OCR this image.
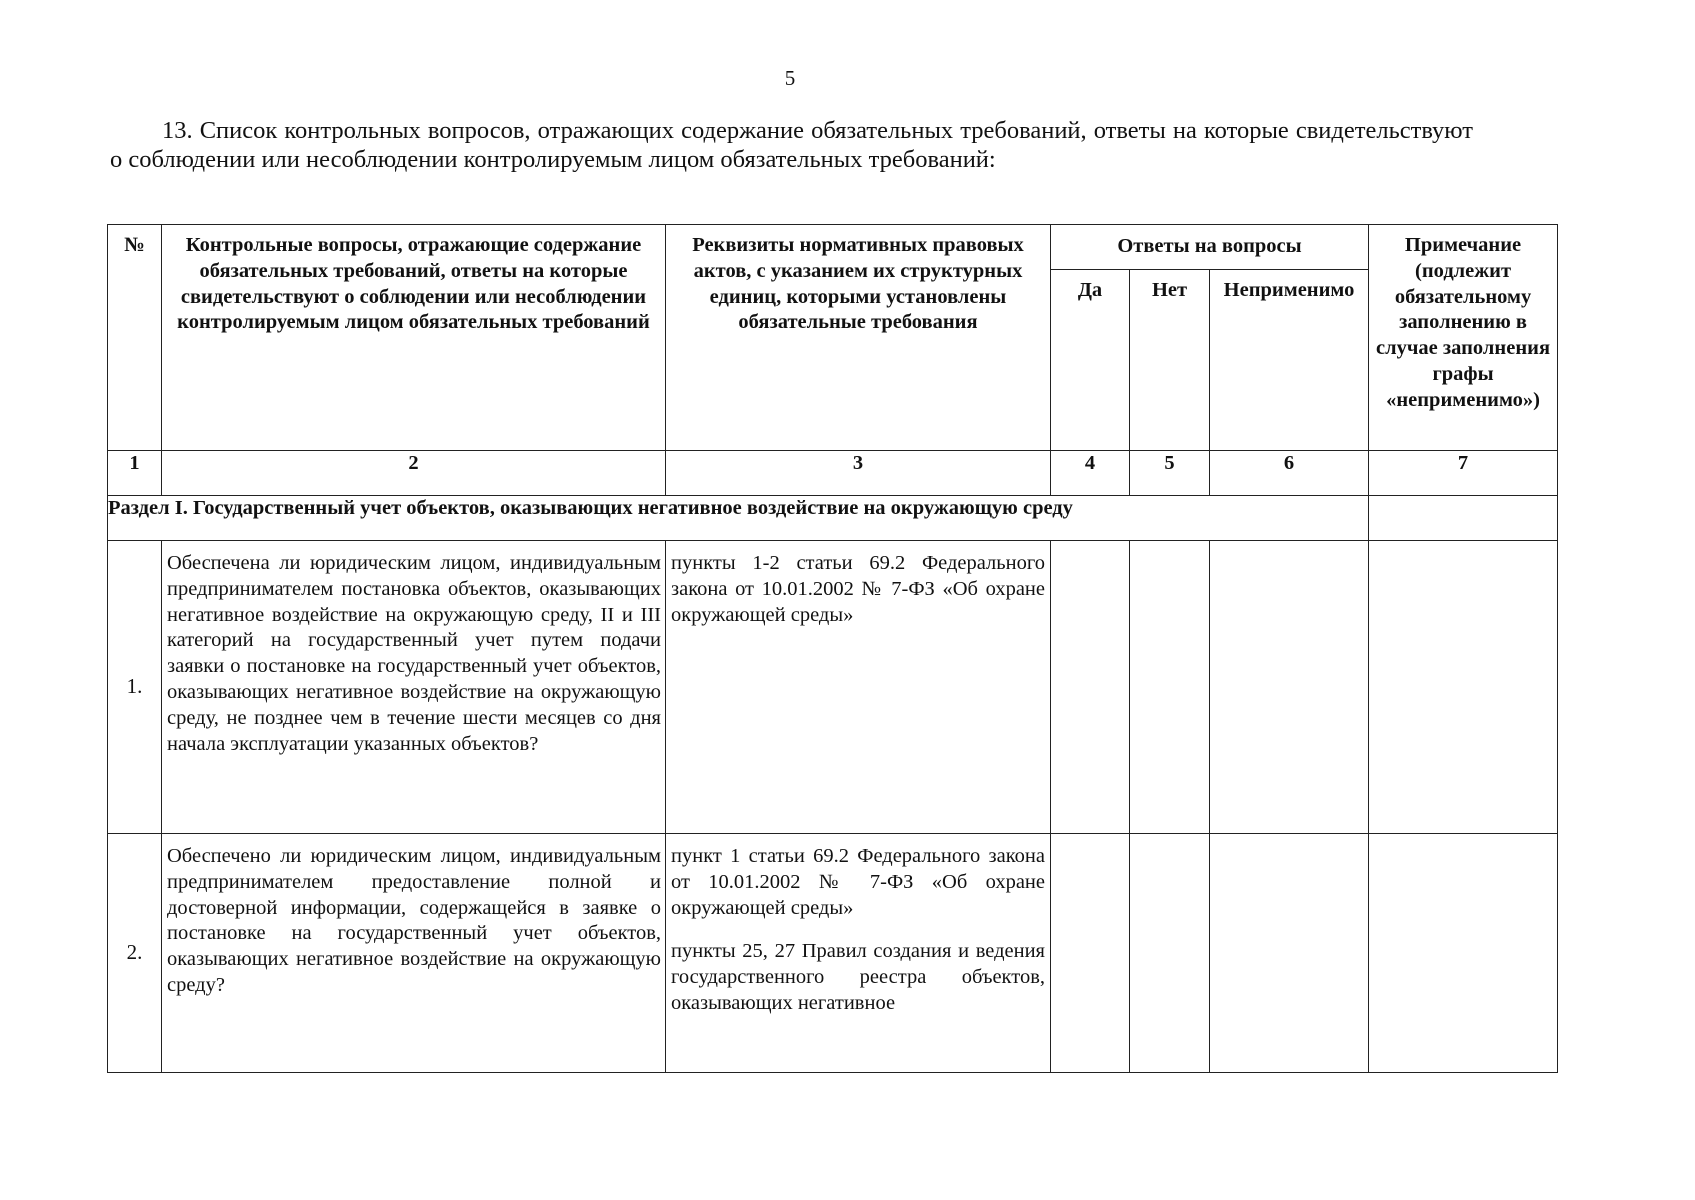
5
13. Список контрольных вопросов, отражающих содержание обязательных требований, ответы на которые свидетельствуют о соблюдении или несоблюдении контролируемым лицом обязательных требований:
№	Контрольные вопросы, отражающие содержание обязательных требований, ответы на которые свидетельствуют о соблюдении или несоблюдении контролируемым лицом обязательных требований	Реквизиты нормативных правовых актов, с указанием их структурных единиц, которыми установлены обязательные требования	Ответы на вопросы			Примечание (подлежит обязательному заполнению в случае заполнения графы «неприменимо»)

			Да	Нет	Неприменимо	

1	2	3	4	5	6	7
Раздел I. Государственный учет объектов, оказывающих негативное воздействие на окружающую среду						
1.	Обеспечена ли юридическим лицом, индивидуальным предпринимателем постановка объектов, оказывающих негативное воздействие на окружающую среду, II и III категорий на государственный учет путем подачи заявки о постановке на государственный учет объектов, оказывающих негативное воздействие на окружающую среду, не позднее чем в течение шести месяцев со дня начала эксплуатации указанных объектов?	пункты 1-2 статьи 69.2 Федерального закона от 10.01.2002 № 7-ФЗ «Об охране окружающей среды»				

2.	Обеспечено ли юридическим лицом, индивидуальным предпринимателем предоставление полной и достоверной информации, содержащейся в заявке о постановке на государственный учет объектов, оказывающих негативное воздействие на окружающую среду?	пункт 1 статьи 69.2 Федерального закона от 10.01.2002 № 7-ФЗ «Об охране окружающей среды»
пункты 25, 27 Правил создания и ведения государственного реестра объектов, оказывающих негативное				
